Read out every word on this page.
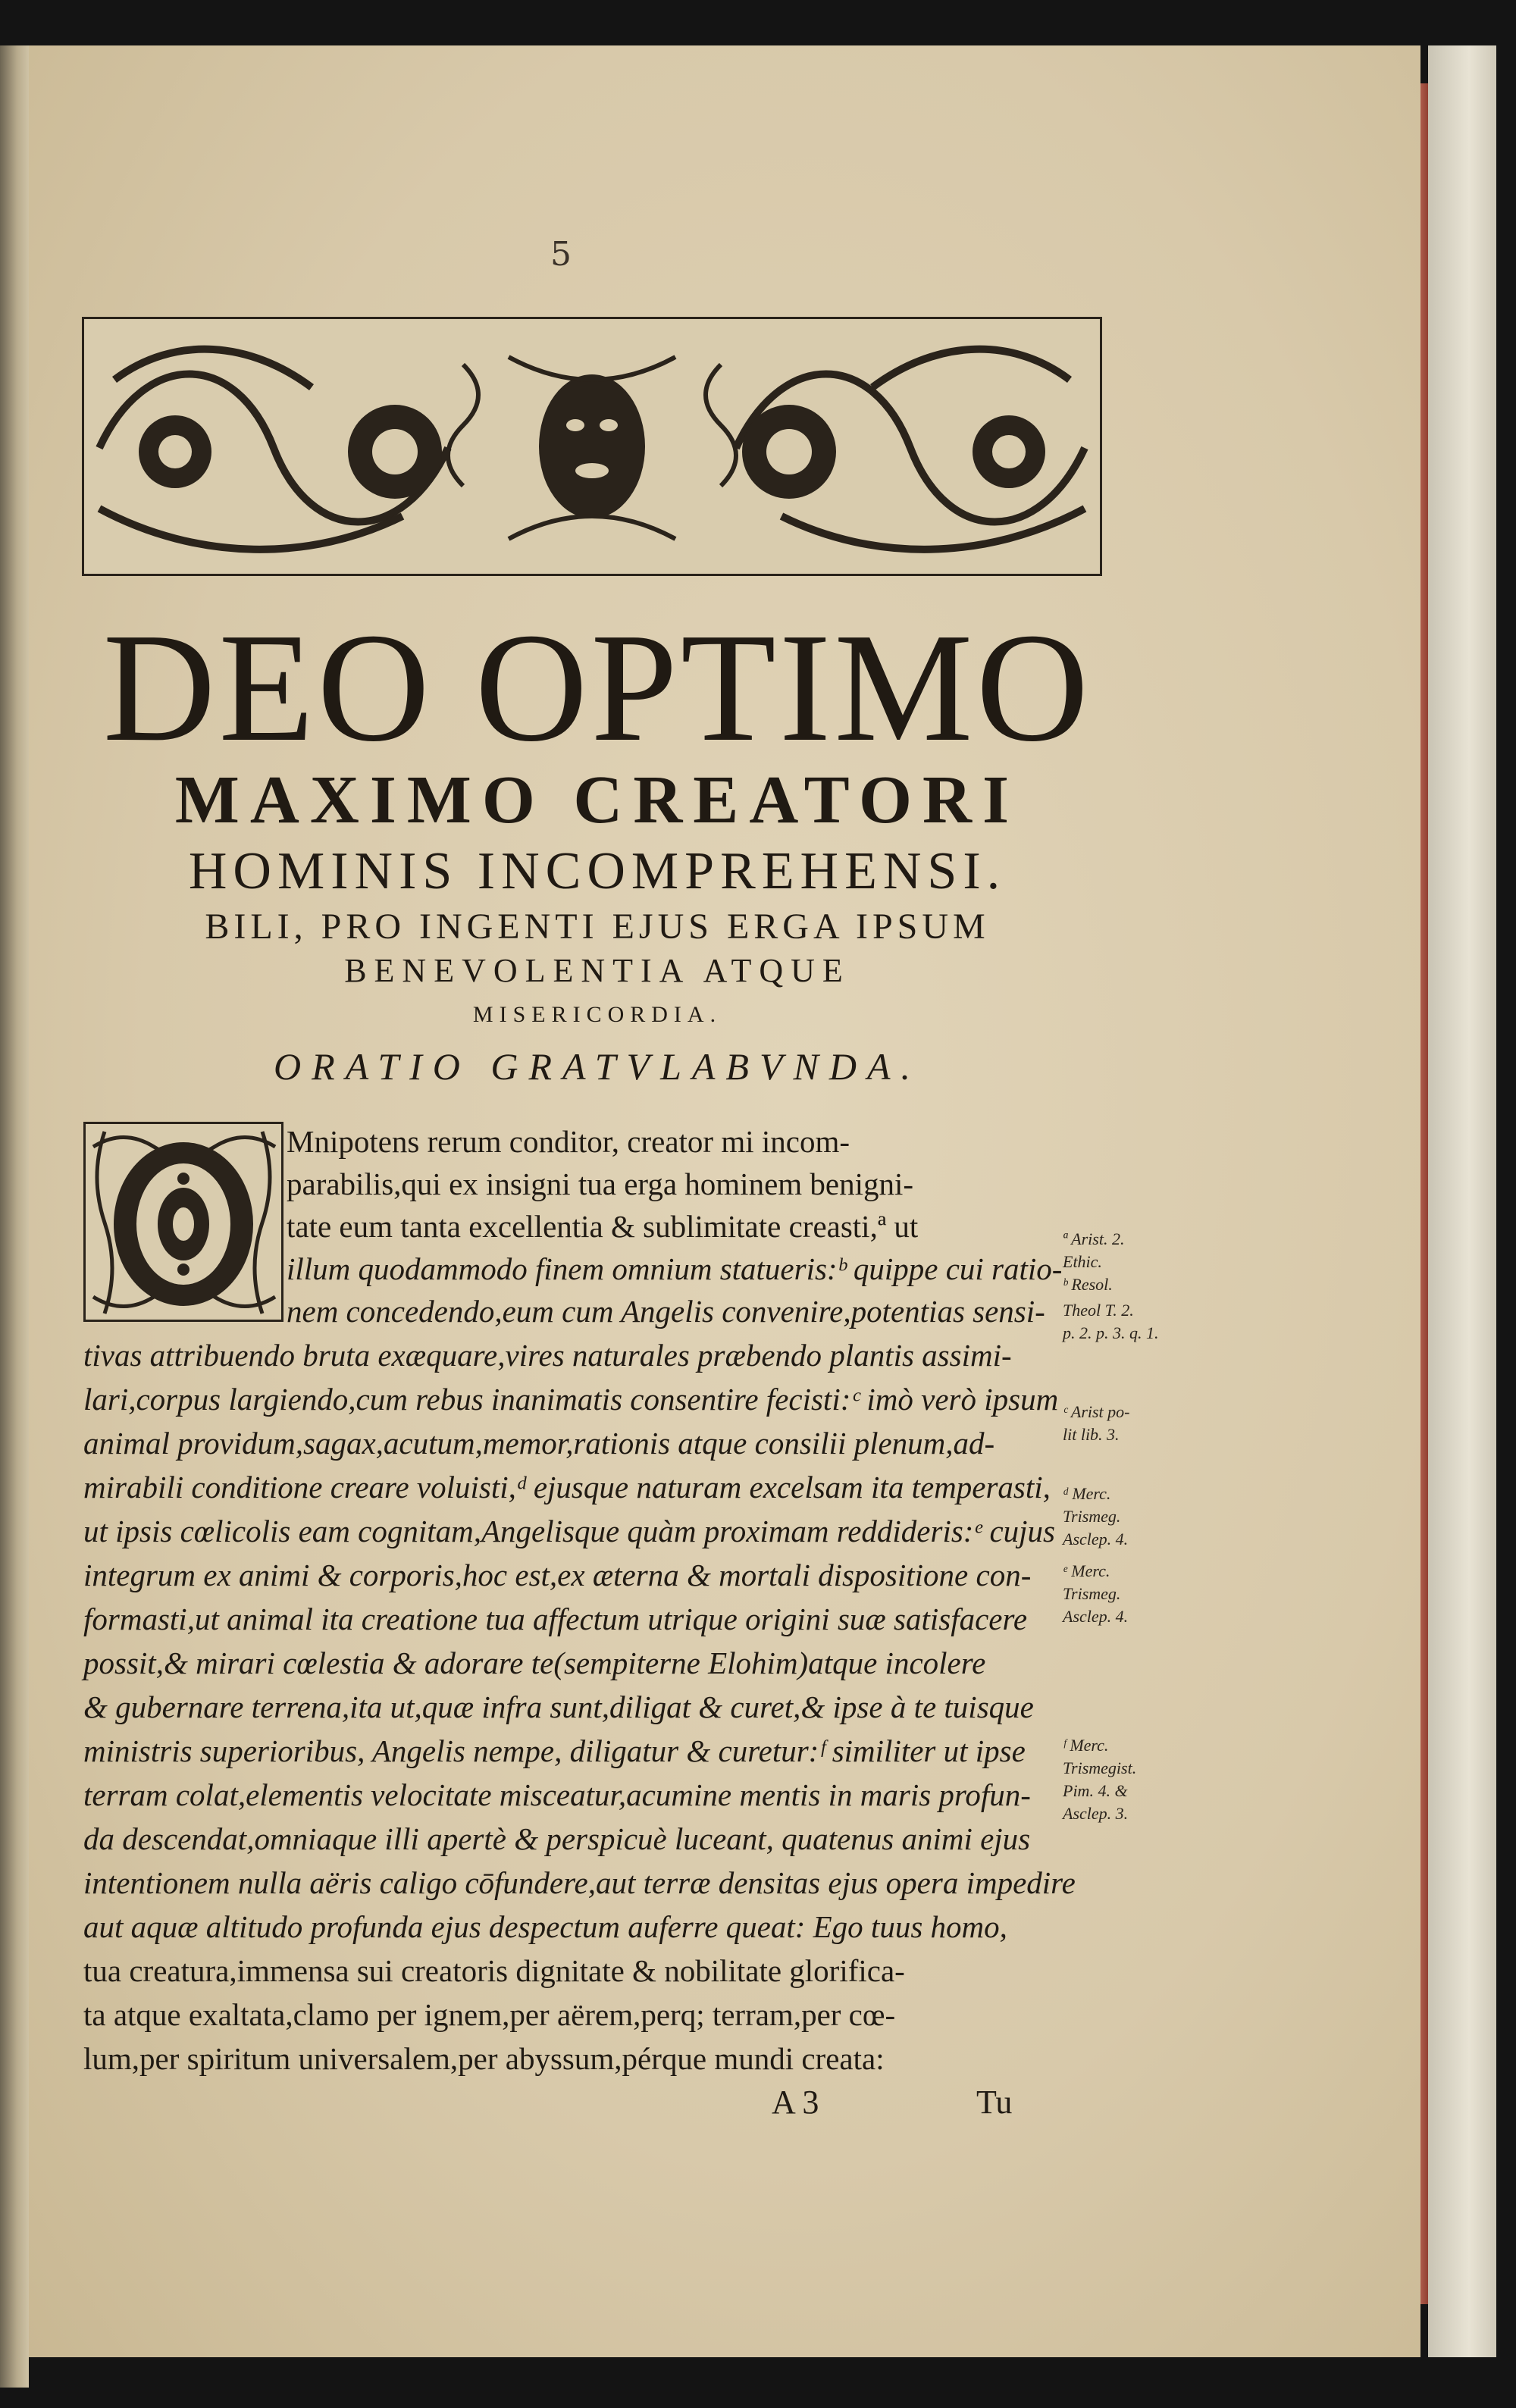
5
DEO OPTIMO
MAXIMO CREATORI
HOMINIS INCOMPREHENSI.
BILI, PRO INGENTI EJUS ERGA IPSUM
BENEVOLENTIA ATQUE
MISERICORDIA.
ORATIO GRATVLABVNDA.
Mnipotens rerum conditor, creator mi incom-
parabilis,qui ex insigni tua erga hominem benigni-
tate eum tanta excellentia & sublimitate creasti,ª ut
illum quodammodo finem omnium statueris:ᵇ quippe cui ratio-
nem concedendo,eum cum Angelis convenire,potentias sensi-
tivas attribuendo bruta exæquare,vires naturales præbendo plantis assimi-
lari,corpus largiendo,cum rebus inanimatis consentire fecisti:ᶜ imò verò ipsum
animal providum,sagax,acutum,memor,rationis atque consilii plenum,ad-
mirabili conditione creare voluisti,ᵈ ejusque naturam excelsam ita temperasti,
ut ipsis cœlicolis eam cognitam,Angelisque quàm proximam reddideris:ᵉ cujus
integrum ex animi & corporis,hoc est,ex æterna & mortali dispositione con-
formasti,ut animal ita creatione tua affectum utrique origini suæ satisfacere
possit,& mirari cœlestia & adorare te(sempiterne Elohim)atque incolere
& gubernare terrena,ita ut,quæ infra sunt,diligat & curet,& ipse à te tuisque
ministris superioribus, Angelis nempe, diligatur & curetur:ᶠ similiter ut ipse
terram colat,elementis velocitate misceatur,acumine mentis in maris profun-
da descendat,omniaque illi apertè & perspicuè luceant, quatenus animi ejus
intentionem nulla aëris caligo cōfundere,aut terræ densitas ejus opera impedire
aut aquæ altitudo profunda ejus despectum auferre queat: Ego tuus homo,
tua creatura,immensa sui creatoris dignitate & nobilitate glorifica-
ta atque exaltata,clamo per ignem,per aërem,perq; terram,per cœ-
lum,per spiritum universalem,per abyssum,pérque mundi creata:
ª Arist. 2.
Ethic.
ᵇ Resol.
Theol T. 2.
p. 2. p. 3. q. 1.
ᶜ Arist po-
lit lib. 3.
ᵈ Merc.
Trismeg.
Asclep. 4.
ᵉ Merc.
Trismeg.
Asclep. 4.
ᶠ Merc.
Trismegist.
Pim. 4. &
Asclep. 3.
A 3	Tu
